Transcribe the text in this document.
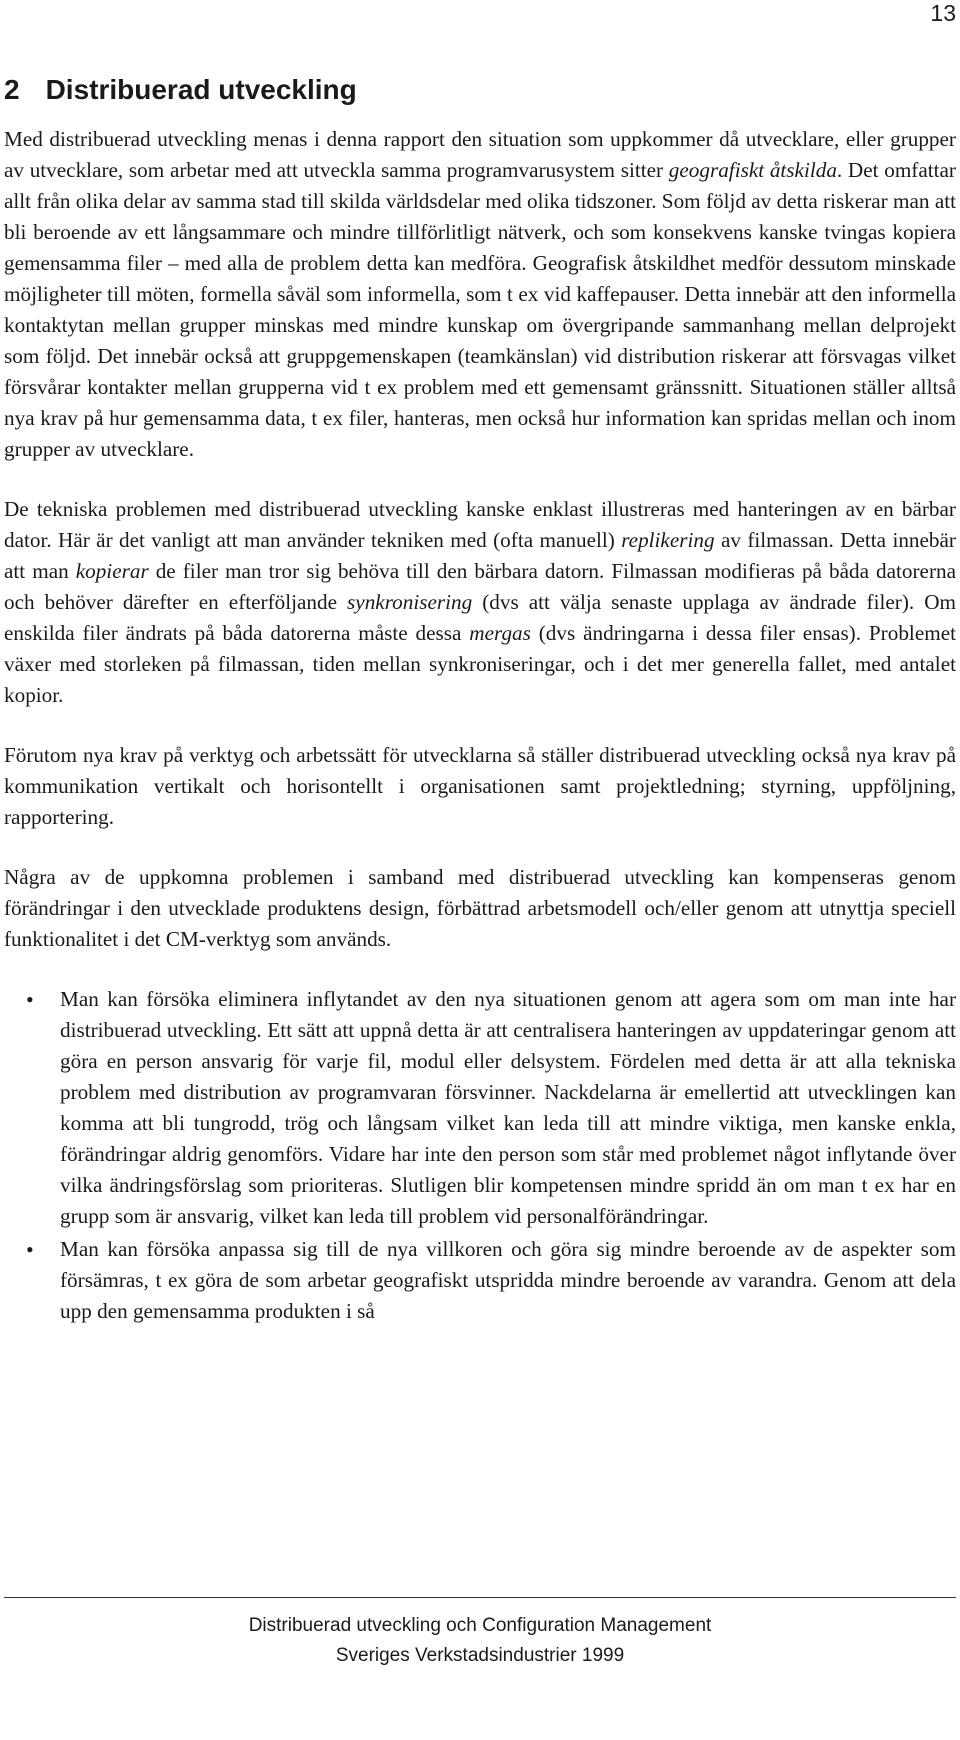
13
2 Distribuerad utveckling

Med distribuerad utveckling menas i denna rapport den situation som uppkommer då utvecklare, eller grupper av utvecklare, som arbetar med att utveckla samma programvarusystem sitter geografiskt åtskilda. Det omfattar allt från olika delar av samma stad till skilda världsdelar med olika tidszoner. Som följd av detta riskerar man att bli beroende av ett långsammare och mindre tillförlitligt nätverk, och som konsekvens kanske tvingas kopiera gemensamma filer – med alla de problem detta kan medföra. Geografisk åtskildhet medför dessutom minskade möjligheter till möten, formella såväl som informella, som t ex vid kaffepauser. Detta innebär att den informella kontaktytan mellan grupper minskas med mindre kunskap om övergripande sammanhang mellan delprojekt som följd. Det innebär också att gruppgemenskapen (teamkänslan) vid distribution riskerar att försvagas vilket försvårar kontakter mellan grupperna vid t ex problem med ett gemensamt gränssnitt. Situationen ställer alltså nya krav på hur gemensamma data, t ex filer, hanteras, men också hur information kan spridas mellan och inom grupper av utvecklare.

De tekniska problemen med distribuerad utveckling kanske enklast illustreras med hanteringen av en bärbar dator. Här är det vanligt att man använder tekniken med (ofta manuell) replikering av filmassan. Detta innebär att man kopierar de filer man tror sig behöva till den bärbara datorn. Filmassan modifieras på båda datorerna och behöver därefter en efterföljande synkronisering (dvs att välja senaste upplaga av ändrade filer). Om enskilda filer ändrats på båda datorerna måste dessa mergas (dvs ändringarna i dessa filer ensas). Problemet växer med storleken på filmassan, tiden mellan synkroniseringar, och i det mer generella fallet, med antalet kopior.

Förutom nya krav på verktyg och arbetssätt för utvecklarna så ställer distribuerad utveckling också nya krav på kommunikation vertikalt och horisontellt i organisationen samt projektledning; styrning, uppföljning, rapportering.

Några av de uppkomna problemen i samband med distribuerad utveckling kan kompenseras genom förändringar i den utvecklade produktens design, förbättrad arbetsmodell och/eller genom att utnyttja speciell funktionalitet i det CM-verktyg som används.

• Man kan försöka eliminera inflytandet av den nya situationen genom att agera som om man inte har distribuerad utveckling. Ett sätt att uppnå detta är att centralisera hanteringen av uppdateringar genom att göra en person ansvarig för varje fil, modul eller delsystem. Fördelen med detta är att alla tekniska problem med distribution av programvaran försvinner. Nackdelarna är emellertid att utvecklingen kan komma att bli tungrodd, trög och långsam vilket kan leda till att mindre viktiga, men kanske enkla, förändringar aldrig genomförs. Vidare har inte den person som står med problemet något inflytande över vilka ändringsförslag som prioriteras. Slutligen blir kompetensen mindre spridd än om man t ex har en grupp som är ansvarig, vilket kan leda till problem vid personalförändringar.
• Man kan försöka anpassa sig till de nya villkoren och göra sig mindre beroende av de aspekter som försämras, t ex göra de som arbetar geografiskt utspridda mindre beroende av varandra. Genom att dela upp den gemensamma produkten i så
Distribuerad utveckling och Configuration Management
Sveriges Verkstadsindustrier 1999
